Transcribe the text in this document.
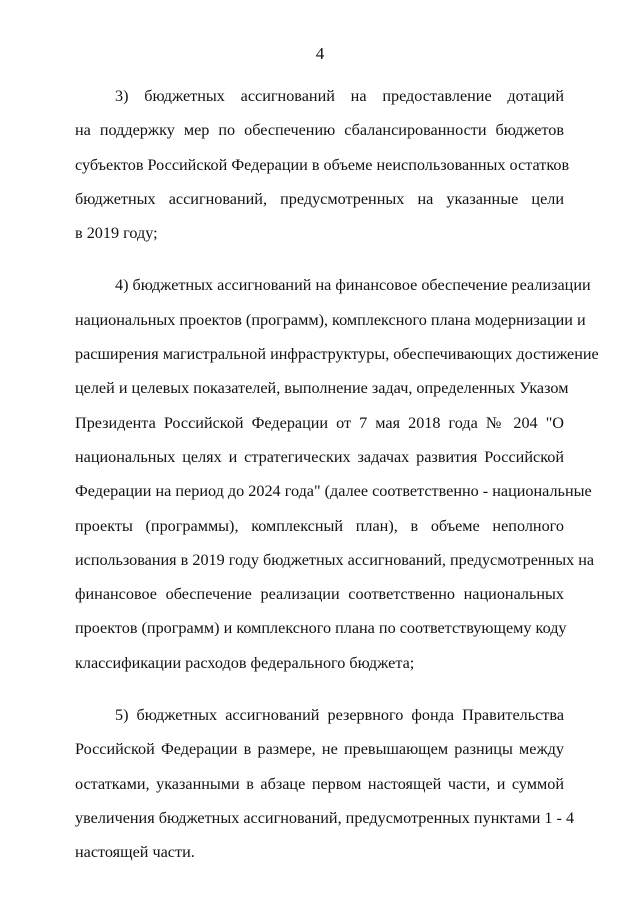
4
3) бюджетных ассигнований на предоставление дотаций
на поддержку мер по обеспечению сбалансированности бюджетов
субъектов Российской Федерации в объеме неиспользованных остатков
бюджетных ассигнований, предусмотренных на указанные цели
в 2019 году;
4) бюджетных ассигнований на финансовое обеспечение реализации
национальных проектов (программ), комплексного плана модернизации и
расширения магистральной инфраструктуры, обеспечивающих достижение
целей и целевых показателей, выполнение задач, определенных Указом
Президента Российской Федерации от 7 мая 2018 года № 204 "О
национальных целях и стратегических задачах развития Российской
Федерации на период до 2024 года" (далее соответственно - национальные
проекты (программы), комплексный план), в объеме неполного
использования в 2019 году бюджетных ассигнований, предусмотренных на
финансовое обеспечение реализации соответственно национальных
проектов (программ) и комплексного плана по соответствующему коду
классификации расходов федерального бюджета;
5) бюджетных ассигнований резервного фонда Правительства
Российской Федерации в размере, не превышающем разницы между
остатками, указанными в абзаце первом настоящей части, и суммой
увеличения бюджетных ассигнований, предусмотренных пунктами 1 - 4
настоящей части.
